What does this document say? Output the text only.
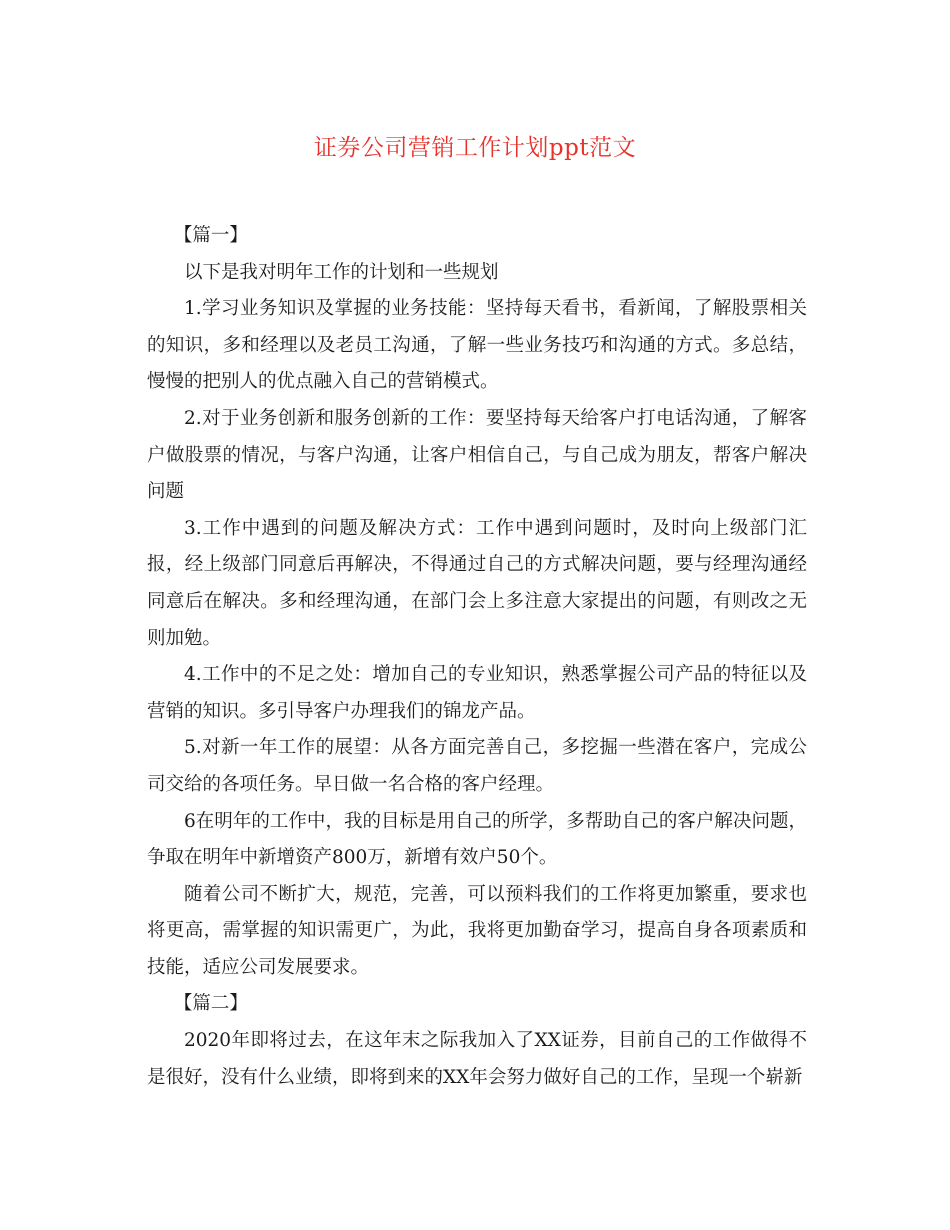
证券公司营销工作计划ppt范文

【篇一】

以下是我对明年工作的计划和一些规划

1.学习业务知识及掌握的业务技能：坚持每天看书，看新闻，了解股票相关的知识，多和经理以及老员工沟通，了解一些业务技巧和沟通的方式。多总结，慢慢的把别人的优点融入自己的营销模式。

2.对于业务创新和服务创新的工作：要坚持每天给客户打电话沟通，了解客户做股票的情况，与客户沟通，让客户相信自己，与自己成为朋友，帮客户解决问题

3.工作中遇到的问题及解决方式：工作中遇到问题时，及时向上级部门汇报，经上级部门同意后再解决，不得通过自己的方式解决问题，要与经理沟通经同意后在解决。多和经理沟通，在部门会上多注意大家提出的问题，有则改之无则加勉。

4.工作中的不足之处：增加自己的专业知识，熟悉掌握公司产品的特征以及营销的知识。多引导客户办理我们的锦龙产品。

5.对新一年工作的展望：从各方面完善自己，多挖掘一些潜在客户，完成公司交给的各项任务。早日做一名合格的客户经理。

6在明年的工作中，我的目标是用自己的所学，多帮助自己的客户解决问题，争取在明年中新增资产800万，新增有效户50个。

随着公司不断扩大，规范，完善，可以预料我们的工作将更加繁重，要求也将更高，需掌握的知识需更广，为此，我将更加勤奋学习，提高自身各项素质和技能，适应公司发展要求。

【篇二】

2020年即将过去，在这年末之际我加入了XX证券，目前自己的工作做得不是很好，没有什么业绩，即将到来的XX年会努力做好自己的工作，呈现一个崭新
